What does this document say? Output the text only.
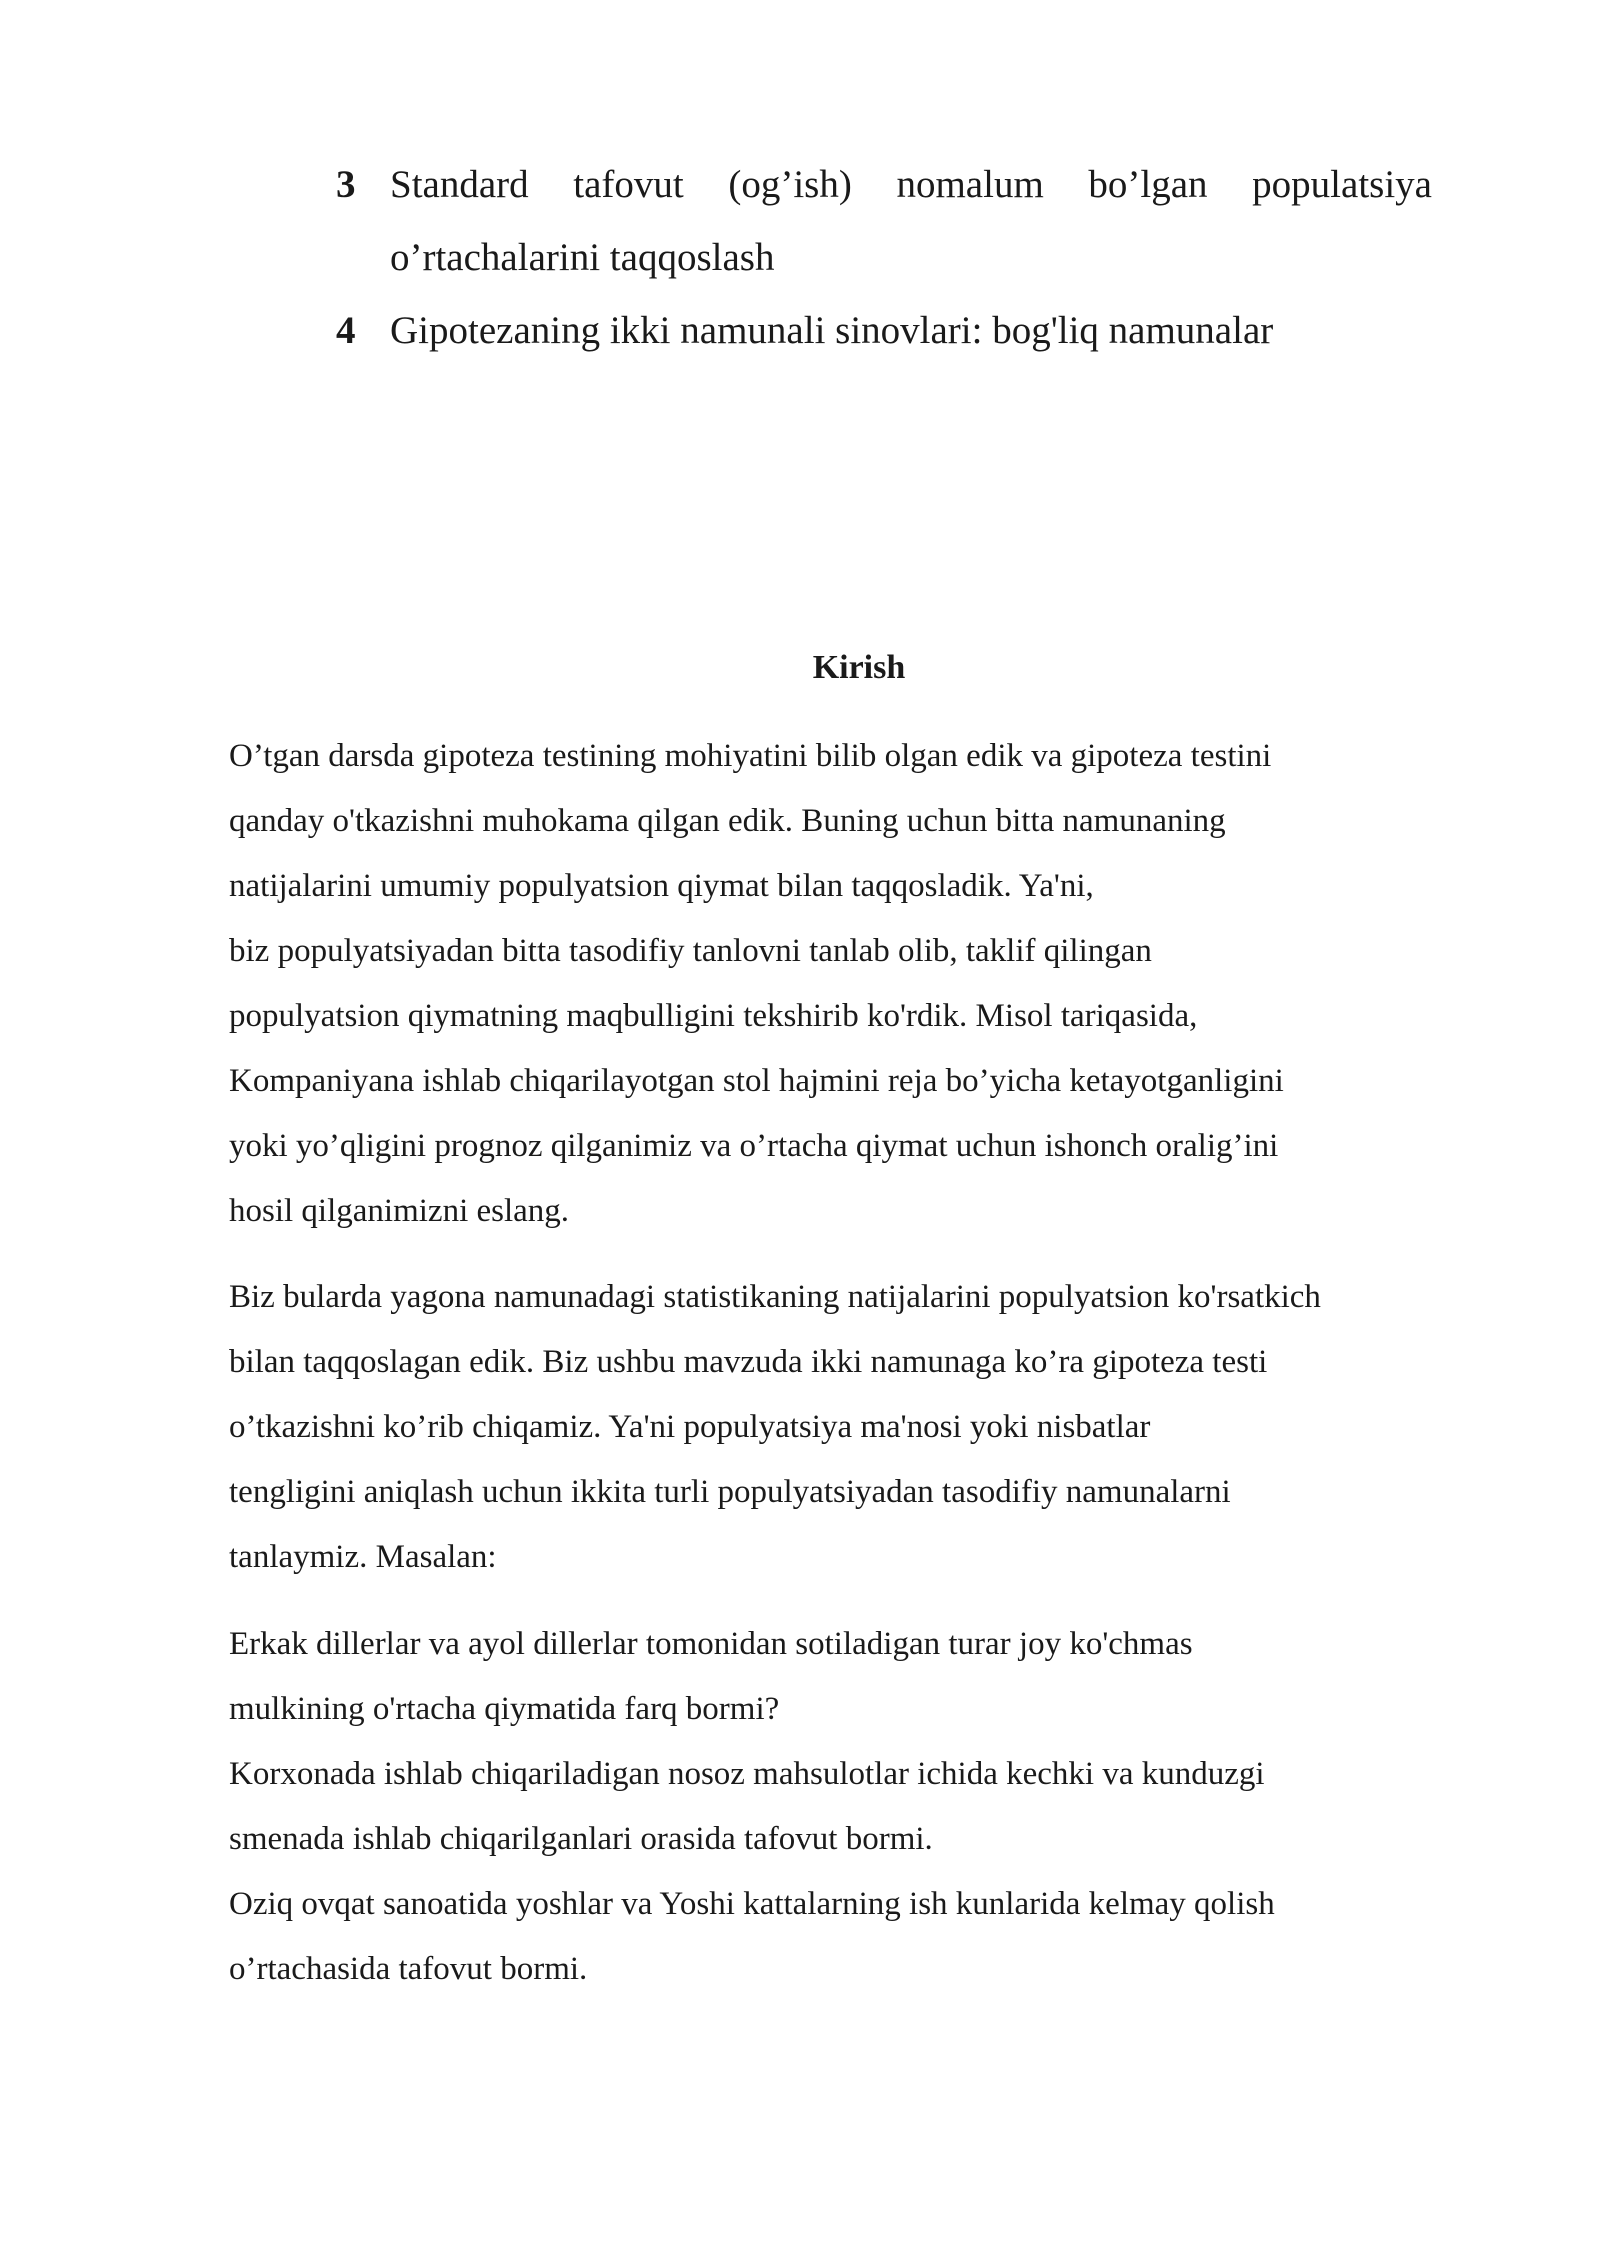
3 Standard tafovut (og’ish) nomalum bo’lgan populatsiya o’rtachalarini taqqoslash
4 Gipotezaning ikki namunali sinovlari: bog'liq namunalar
Kirish

O’tgan darsda gipoteza testining mohiyatini bilib olgan edik va gipoteza testini
qanday o'tkazishni muhokama qilgan edik. Buning uchun bitta namunaning
natijalarini umumiy populyatsion qiymat bilan taqqosladik. Ya'ni,
biz populyatsiyadan bitta tasodifiy tanlovni tanlab olib, taklif qilingan
populyatsion qiymatning maqbulligini tekshirib ko'rdik. Misol tariqasida,
Kompaniyana ishlab chiqarilayotgan stol hajmini reja bo’yicha ketayotganligini
yoki yo’qligini prognoz qilganimiz va o’rtacha qiymat uchun ishonch oralig’ini
hosil qilganimizni eslang.

Biz bularda yagona namunadagi statistikaning natijalarini populyatsion ko'rsatkich
bilan taqqoslagan edik. Biz ushbu mavzuda ikki namunaga ko’ra gipoteza testi
o’tkazishni ko’rib chiqamiz. Ya'ni populyatsiya ma'nosi yoki nisbatlar
tengligini aniqlash uchun ikkita turli populyatsiyadan tasodifiy namunalarni
tanlaymiz. Masalan:

Erkak dillerlar va ayol dillerlar tomonidan sotiladigan turar joy ko'chmas
mulkining o'rtacha qiymatida farq bormi?
Korxonada ishlab chiqariladigan nosoz mahsulotlar ichida kechki va kunduzgi
smenada ishlab chiqarilganlari orasida tafovut bormi.
Oziq ovqat sanoatida yoshlar va Yoshi kattalarning ish kunlarida kelmay qolish
o’rtachasida tafovut bormi.
